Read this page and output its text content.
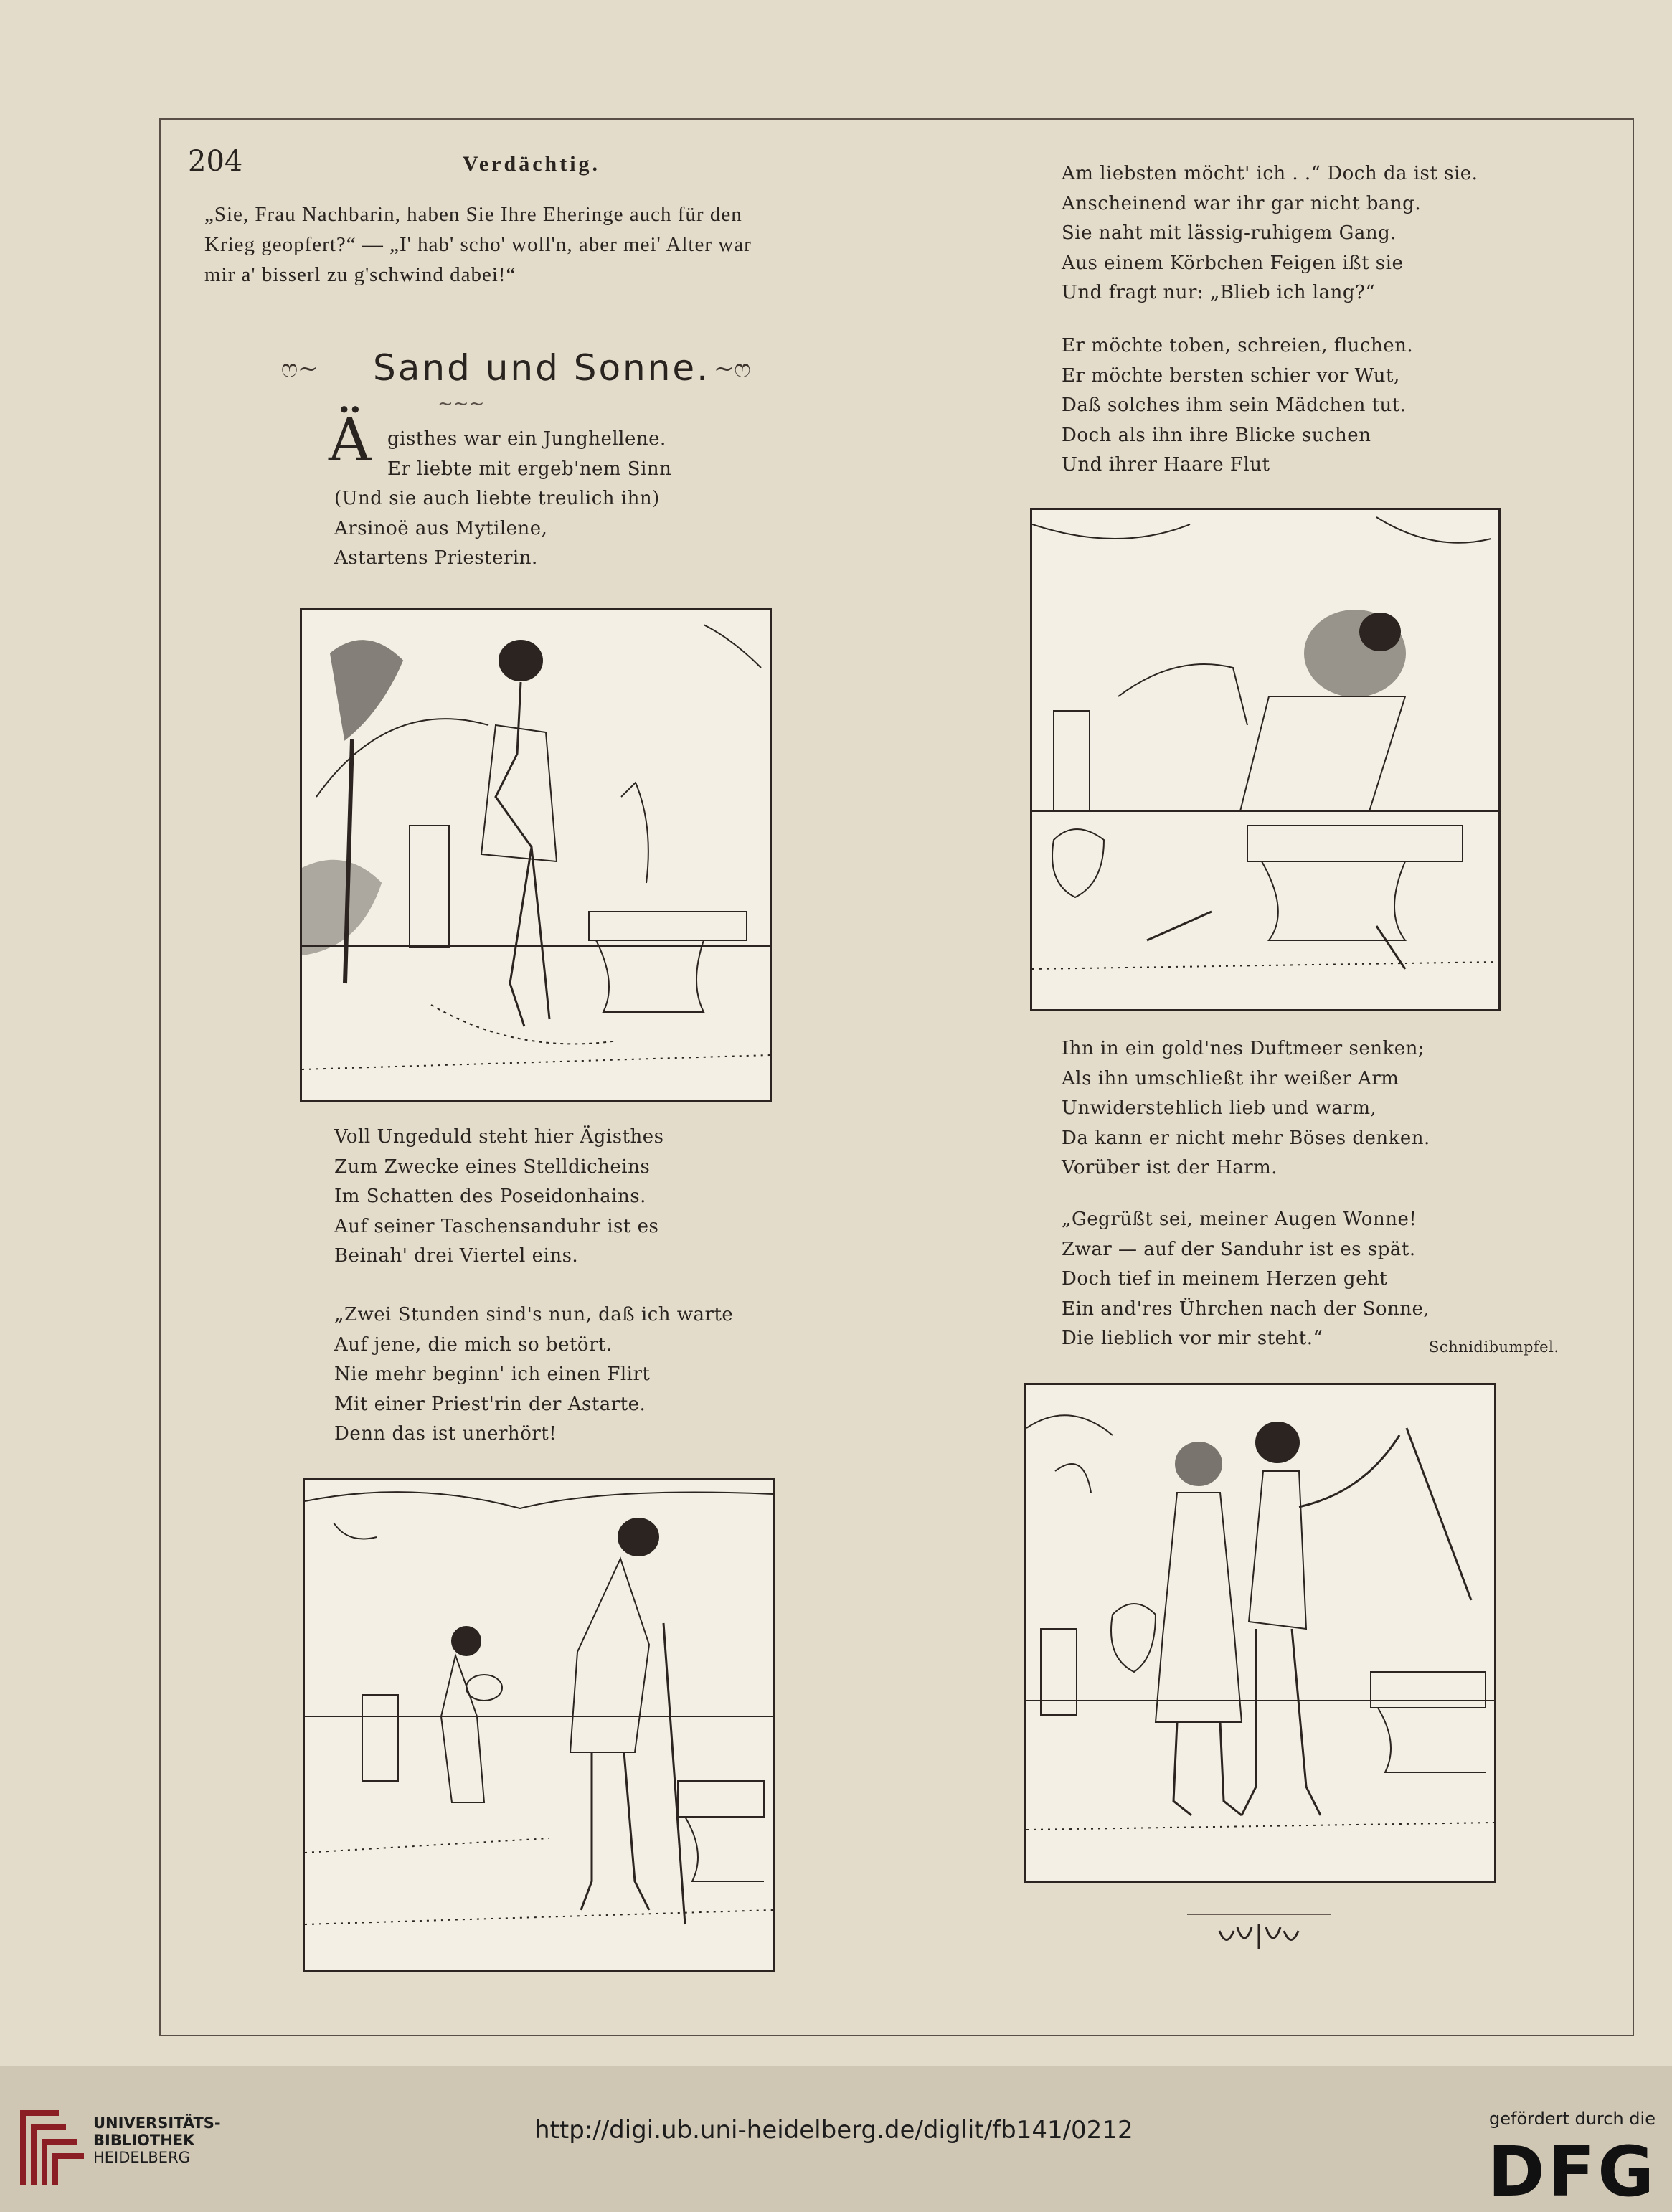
204	Verdächtig.
„Sie, Frau Nachbarin, haben Sie Ihre Eheringe auch für den
Krieg geopfert?“ — „I' hab' scho' woll'n, aber mei' Alter war
mir a' bisserl zu g'schwind dabei!“
ෆ~ Sand und Sonne. ~ෆ
~~~
Ä gisthes war ein Junghellene.
Er liebte mit ergeb'nem Sinn
(Und sie auch liebte treulich ihn)
Arsinoë aus Mytilene,
Astartens Priesterin.
Voll Ungeduld steht hier Ägisthes
Zum Zwecke eines Stelldicheins
Im Schatten des Poseidonhains.
Auf seiner Taschensanduhr ist es
Beinah' drei Viertel eins.
„Zwei Stunden sind's nun, daß ich warte
Auf jene, die mich so betört.
Nie mehr beginn' ich einen Flirt
Mit einer Priest'rin der Astarte.
Denn das ist unerhört!
Am liebsten möcht' ich . .“ Doch da ist sie.
Anscheinend war ihr gar nicht bang.
Sie naht mit lässig-ruhigem Gang.
Aus einem Körbchen Feigen ißt sie
Und fragt nur: „Blieb ich lang?“
Er möchte toben, schreien, fluchen.
Er möchte bersten schier vor Wut,
Daß solches ihm sein Mädchen tut.
Doch als ihn ihre Blicke suchen
Und ihrer Haare Flut
Ihn in ein gold'nes Duftmeer senken;
Als ihn umschließt ihr weißer Arm
Unwiderstehlich lieb und warm,
Da kann er nicht mehr Böses denken.
Vorüber ist der Harm.
„Gegrüßt sei, meiner Augen Wonne!
Zwar — auf der Sanduhr ist es spät.
Doch tief in meinem Herzen geht
Ein and'res Ührchen nach der Sonne,
Die lieblich vor mir steht.“	Schnidibumpfel.
UNIVERSITÄTS-
BIBLIOTHEK
HEIDELBERG
http://digi.ub.uni-heidelberg.de/diglit/fb141/0212	gefördert durch die
DFG
